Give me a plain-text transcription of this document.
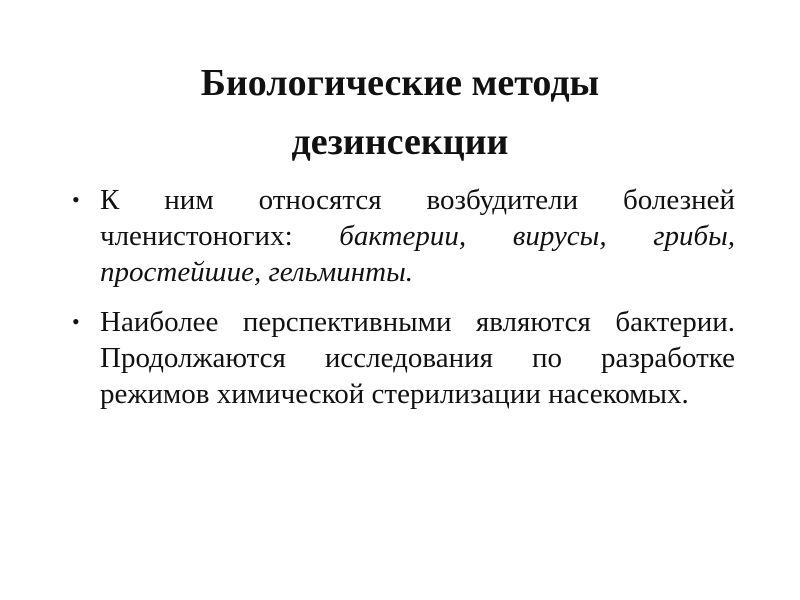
Биологические методы
дезинсекции
• К ним относятся возбудители болезней членистоногих: бактерии, вирусы, грибы, простейшие, гельминты.
• Наиболее перспективными являются бактерии. Продолжаются исследования по разработке режимов химической стерилизации насекомых.
